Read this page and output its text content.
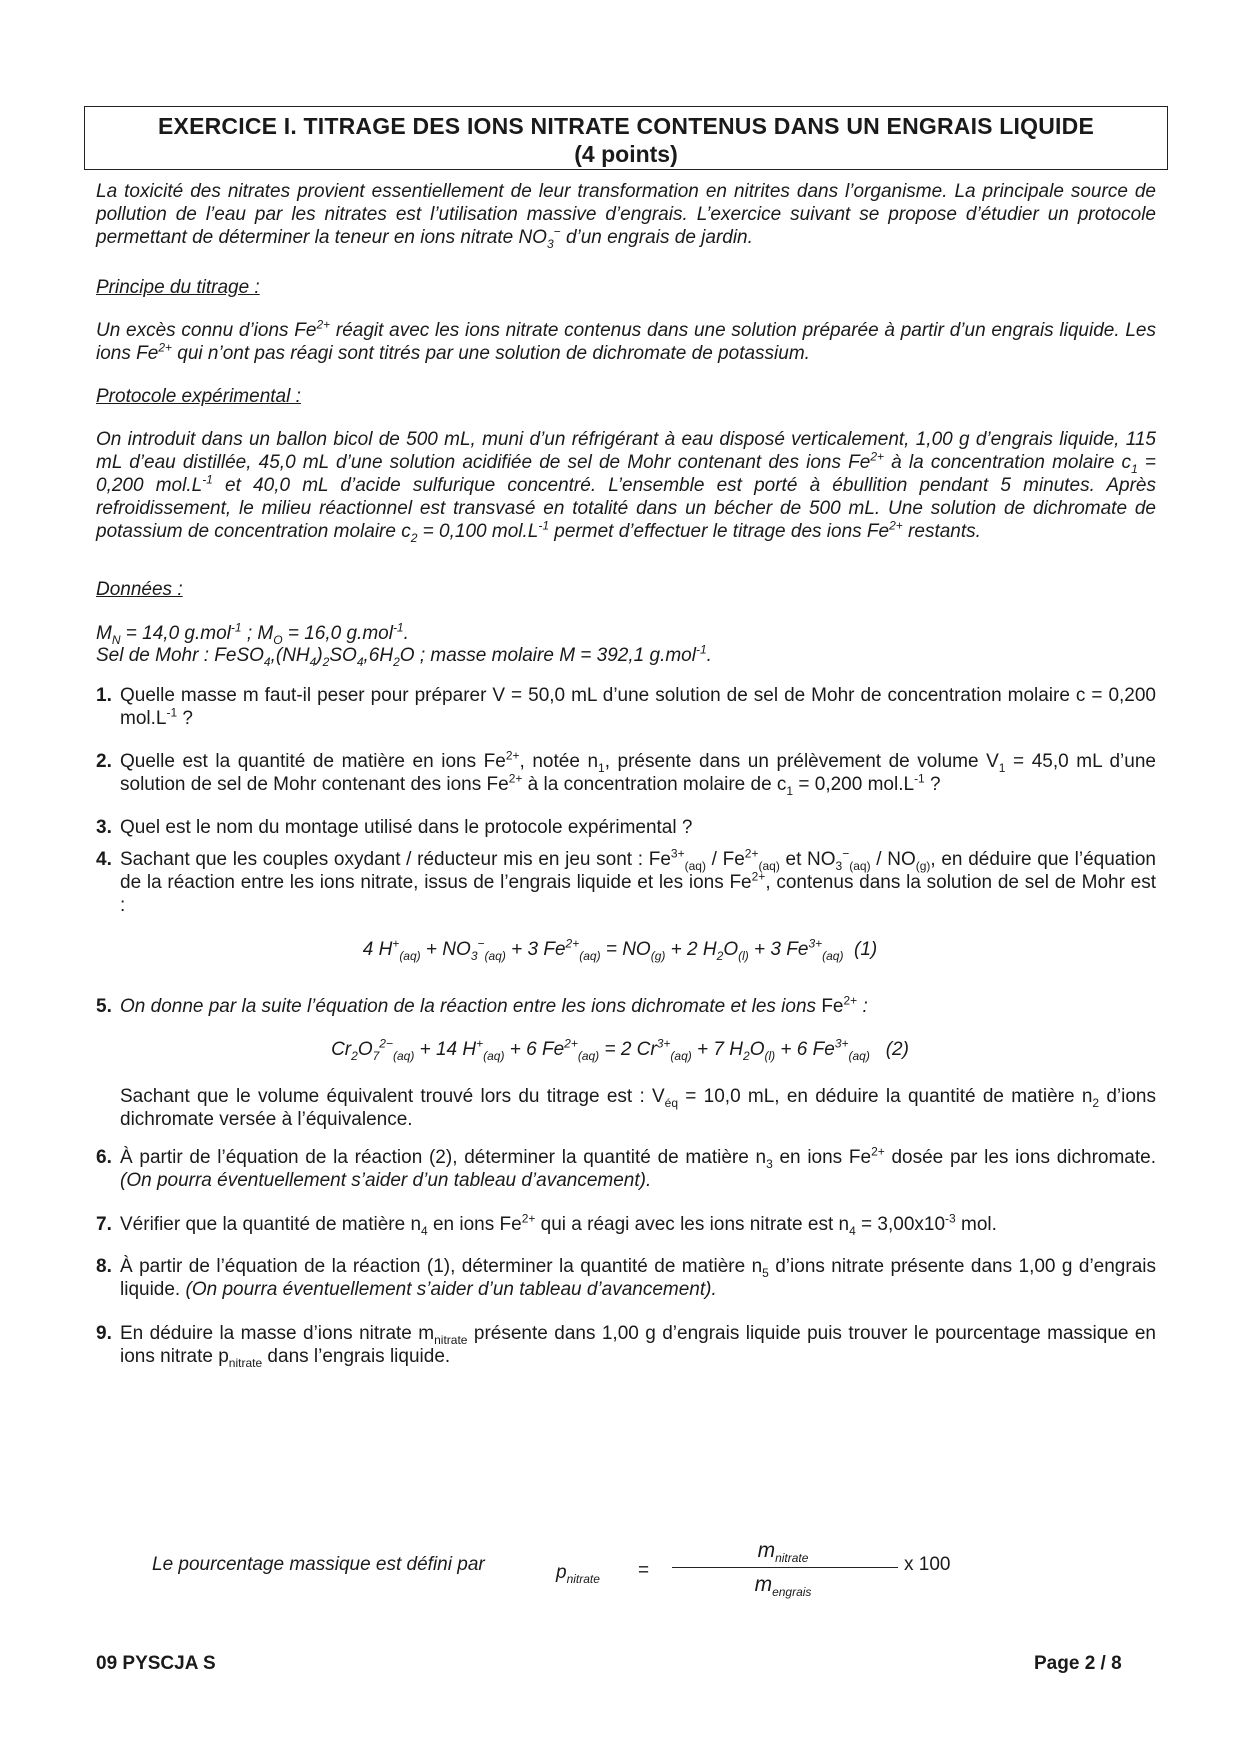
EXERCICE I. TITRAGE DES IONS NITRATE CONTENUS DANS UN ENGRAIS LIQUIDE
(4 points)
La toxicité des nitrates provient essentiellement de leur transformation en nitrites dans l’organisme. La principale source de pollution de l’eau par les nitrates est l’utilisation massive d’engrais. L’exercice suivant se propose d’étudier un protocole permettant de déterminer la teneur en ions nitrate $NO_3^-$ d’un engrais de jardin.
Principe du titrage :
Un excès connu d’ions $Fe^{2+}$ réagit avec les ions nitrate contenus dans une solution préparée à partir d’un engrais liquide. Les ions $Fe^{2+}$ qui n’ont pas réagi sont titrés par une solution de dichromate de potassium.
Protocole expérimental :
On introduit dans un ballon bicol de 500 mL, muni d’un réfrigérant à eau disposé verticalement, 1,00 g d’engrais liquide, 115 mL d’eau distillée, 45,0 mL d’une solution acidifiée de sel de Mohr contenant des ions $Fe^{2+}$ à la concentration molaire $c_1 = 0,200$ $mol.L^{-1}$ et 40,0 mL d’acide sulfurique concentré. L’ensemble est porté à ébullition pendant 5 minutes. Après refroidissement, le milieu réactionnel est transvasé en totalité dans un bécher de 500 mL. Une solution de dichromate de potassium de concentration molaire $c_2 = 0,100$ $mol.L^{-1}$ permet d’effectuer le titrage des ions $Fe^{2+}$ restants.
Données :
$M_N = 14,0$ g.mol$^{-1}$ ; $M_O = 16,0$ g.mol$^{-1}$.
Sel de Mohr : $FeSO_4,(NH_4)_2SO_4,6H_2O$ ; masse molaire M = 392,1 g.mol$^{-1}$.
1. Quelle masse m faut-il peser pour préparer V = 50,0 mL d’une solution de sel de Mohr de concentration molaire c = 0,200 $mol.L^{-1}$ ?
2. Quelle est la quantité de matière en ions $Fe^{2+}$, notée $n_1$, présente dans un prélèvement de volume $V_1 = 45,0$ mL d’une solution de sel de Mohr contenant des ions $Fe^{2+}$ à la concentration molaire de $c_1 = 0,200$ $mol.L^{-1}$ ?
3. Quel est le nom du montage utilisé dans le protocole expérimental ?
4. Sachant que les couples oxydant / réducteur mis en jeu sont : $Fe^{3+}_{(aq)} / Fe^{2+}_{(aq)}$ et $NO_3^-_{(aq)} / NO_{(g)}$, en déduire que l’équation de la réaction entre les ions nitrate, issus de l’engrais liquide et les ions $Fe^{2+}$, contenus dans la solution de sel de Mohr est :
4 $H^+_{(aq)} + NO_3^-_{(aq)} + 3$ $Fe^{2+}_{(aq)} = NO_{(g)} + 2$ $H_2O_{(l)} + 3$ $Fe^{3+}_{(aq)}$ (1)
5. On donne par la suite l’équation de la réaction entre les ions dichromate et les ions $Fe^{2+}$ :
$Cr_2O_7^{2-}_{(aq)} + 14$ $H^+_{(aq)} + 6$ $Fe^{2+}_{(aq)} = 2$ $Cr^{3+}_{(aq)} + 7$ $H_2O_{(l)} + 6$ $Fe^{3+}_{(aq)}$ (2)
Sachant que le volume équivalent trouvé lors du titrage est : $V_{éq} = 10,0$ mL, en déduire la quantité de matière $n_2$ d’ions dichromate versée à l’équivalence.
6. À partir de l’équation de la réaction (2), déterminer la quantité de matière $n_3$ en ions $Fe^{2+}$ dosée par les ions dichromate. (On pourra éventuellement s’aider d’un tableau d’avancement).
7. Vérifier que la quantité de matière $n_4$ en ions $Fe^{2+}$ qui a réagi avec les ions nitrate est $n_4 = 3,00x10^{-3}$ mol.
8. À partir de l’équation de la réaction (1), déterminer la quantité de matière $n_5$ d’ions nitrate présente dans 1,00 g d’engrais liquide. (On pourra éventuellement s’aider d’un tableau d’avancement).
9. En déduire la masse d’ions nitrate $m_{nitrate}$ présente dans 1,00 g d’engrais liquide puis trouver le pourcentage massique en ions nitrate $p_{nitrate}$ dans l’engrais liquide.
Le pourcentage massique est défini par	$p_{nitrate}$ =
$m_{nitrate}$
$m_{engrais}$
x 100
09 PYSCJA S	Page 2 / 8
